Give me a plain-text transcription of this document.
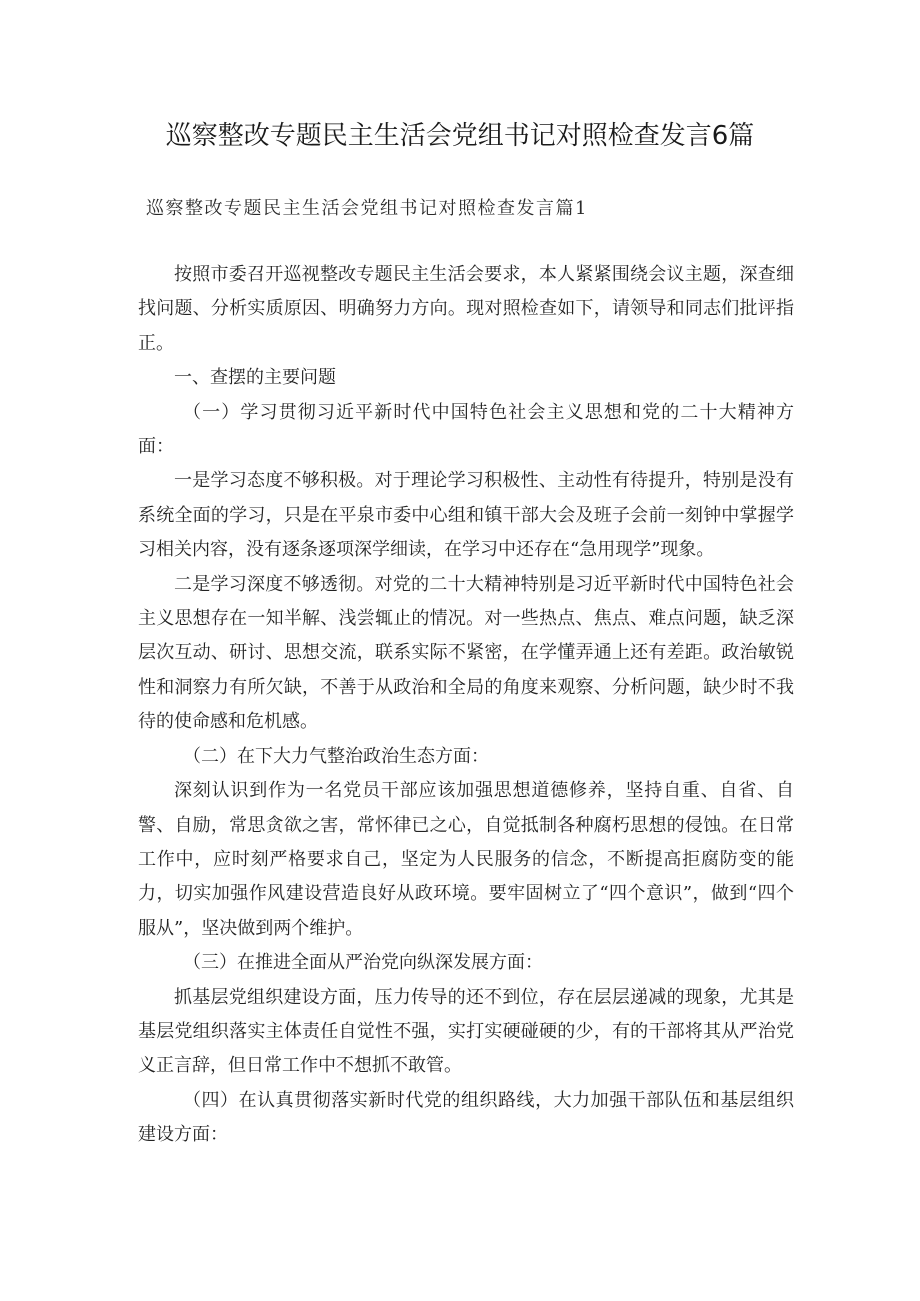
巡察整改专题民主生活会党组书记对照检查发言6篇
巡察整改专题民主生活会党组书记对照检查发言篇1

按照市委召开巡视整改专题民主生活会要求，本人紧紧围绕会议主题，深查细找问题、分析实质原因、明确努力方向。现对照检查如下，请领导和同志们批评指正。

一、查摆的主要问题

（一）学习贯彻习近平新时代中国特色社会主义思想和党的二十大精神方面：

一是学习态度不够积极。对于理论学习积极性、主动性有待提升，特别是没有系统全面的学习，只是在平泉市委中心组和镇干部大会及班子会前一刻钟中掌握学习相关内容，没有逐条逐项深学细读，在学习中还存在“急用现学”现象。

二是学习深度不够透彻。对党的二十大精神特别是习近平新时代中国特色社会主义思想存在一知半解、浅尝辄止的情况。对一些热点、焦点、难点问题，缺乏深层次互动、研讨、思想交流，联系实际不紧密，在学懂弄通上还有差距。政治敏锐性和洞察力有所欠缺，不善于从政治和全局的角度来观察、分析问题，缺少时不我待的使命感和危机感。

（二）在下大力气整治政治生态方面：

深刻认识到作为一名党员干部应该加强思想道德修养，坚持自重、自省、自警、自励，常思贪欲之害，常怀律已之心，自觉抵制各种腐朽思想的侵蚀。在日常工作中，应时刻严格要求自己，坚定为人民服务的信念，不断提高拒腐防变的能力，切实加强作风建设营造良好从政环境。要牢固树立了“四个意识”，做到“四个服从”，坚决做到两个维护。

（三）在推进全面从严治党向纵深发展方面：

抓基层党组织建设方面，压力传导的还不到位，存在层层递减的现象，尤其是基层党组织落实主体责任自觉性不强，实打实硬碰硬的少，有的干部将其从严治党义正言辞，但日常工作中不想抓不敢管。

（四）在认真贯彻落实新时代党的组织路线，大力加强干部队伍和基层组织建设方面：
